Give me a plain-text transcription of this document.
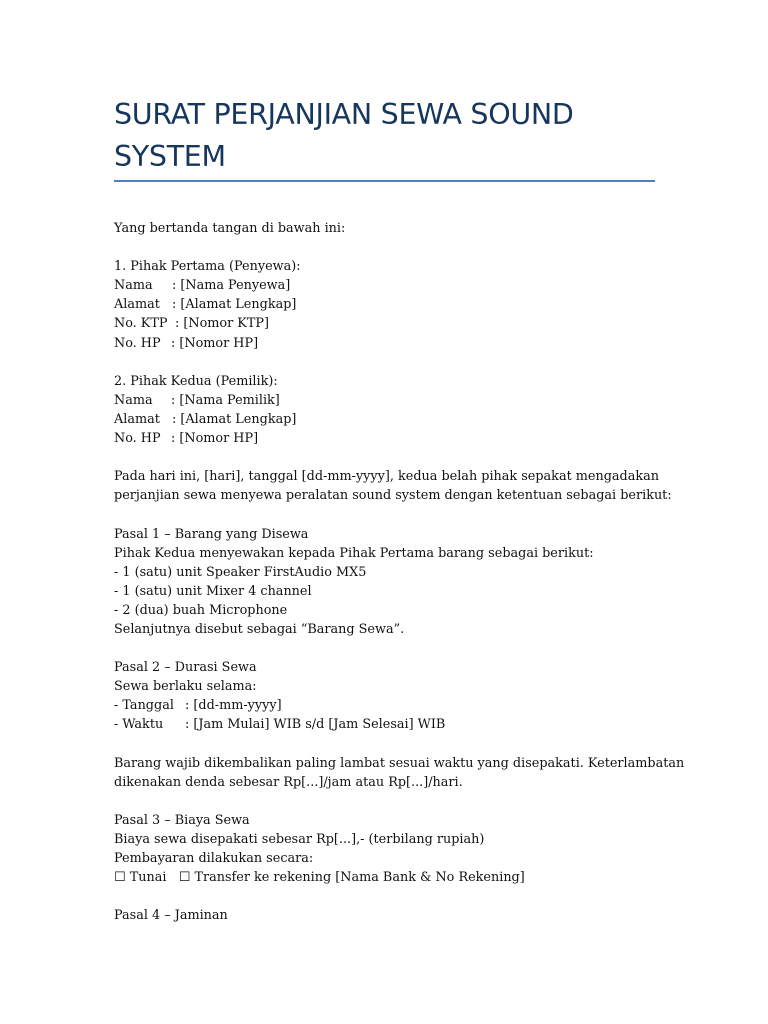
SURAT PERJANJIAN SEWA SOUND SYSTEM
Yang bertanda tangan di bawah ini:
1. Pihak Pertama (Penyewa):
Nama : [Nama Penyewa]
Alamat : [Alamat Lengkap]
No. KTP : [Nomor KTP]
No. HP : [Nomor HP]
2. Pihak Kedua (Pemilik):
Nama : [Nama Pemilik]
Alamat : [Alamat Lengkap]
No. HP : [Nomor HP]
Pada hari ini, [hari], tanggal [dd-mm-yyyy], kedua belah pihak sepakat mengadakan
perjanjian sewa menyewa peralatan sound system dengan ketentuan sebagai berikut:
Pasal 1 – Barang yang Disewa
Pihak Kedua menyewakan kepada Pihak Pertama barang sebagai berikut:
- 1 (satu) unit Speaker FirstAudio MX5
- 1 (satu) unit Mixer 4 channel
- 2 (dua) buah Microphone
Selanjutnya disebut sebagai “Barang Sewa”.
Pasal 2 – Durasi Sewa
Sewa berlaku selama:
- Tanggal : [dd-mm-yyyy]
- Waktu : [Jam Mulai] WIB s/d [Jam Selesai] WIB
Barang wajib dikembalikan paling lambat sesuai waktu yang disepakati. Keterlambatan
dikenakan denda sebesar Rp[...]/jam atau Rp[...]/hari.
Pasal 3 – Biaya Sewa
Biaya sewa disepakati sebesar Rp[...],- (terbilang rupiah)
Pembayaran dilakukan secara:
☐ Tunai ☐ Transfer ke rekening [Nama Bank & No Rekening]
Pasal 4 – Jaminan
